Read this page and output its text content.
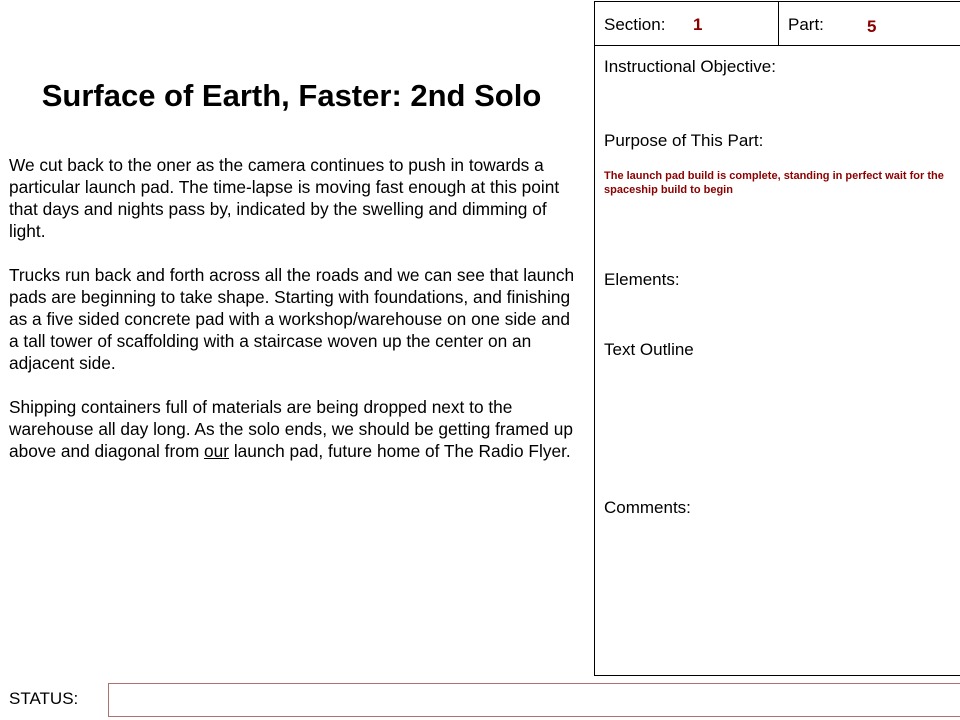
Surface of Earth, Faster: 2nd Solo

We cut back to the oner as the camera continues to push in towards a particular launch pad. The time-lapse is moving fast enough at this point that days and nights pass by, indicated by the swelling and dimming of light.

Trucks run back and forth across all the roads and we can see that launch pads are beginning to take shape. Starting with foundations, and finishing as a five sided concrete pad with a workshop/warehouse on one side and a tall tower of scaffolding with a staircase woven up the center on an adjacent side.

Shipping containers full of materials are being dropped next to the warehouse all day long. As the solo ends, we should be getting framed up above and diagonal from our launch pad, future home of The Radio Flyer.

Section: 1	Part:	5
Instructional Objective:
Purpose of This Part:
The launch pad build is complete, standing in perfect wait for the spaceship build to begin
Elements:
Text Outline
Comments:
STATUS:
